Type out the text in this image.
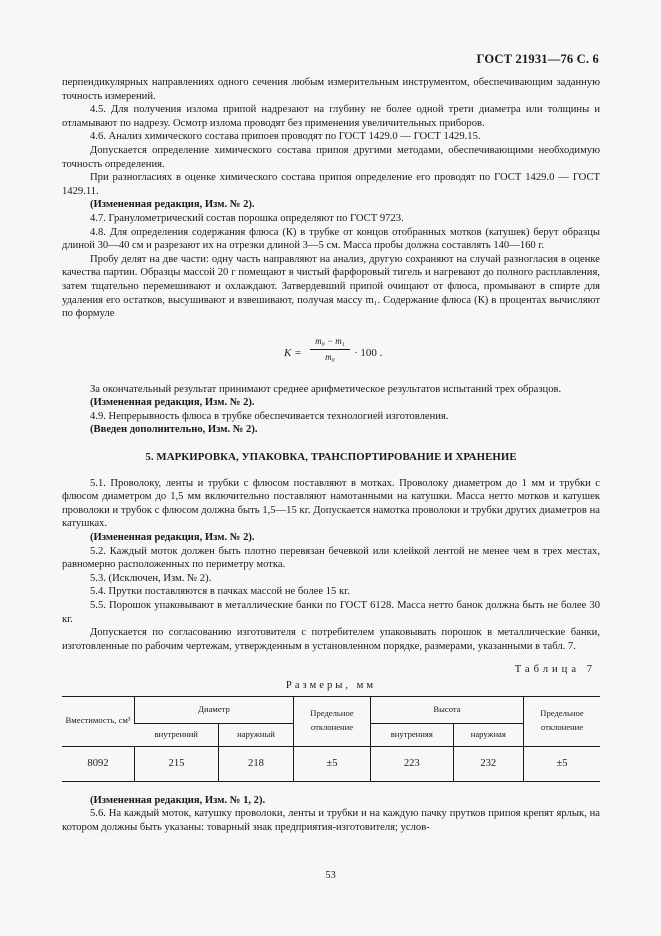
ГОСТ 21931—76 С. 6

перпендикулярных направлениях одного сечения любым измерительным инструментом, обеспечивающим заданную точность измерений.

4.5. Для получения излома припой надрезают на глубину не более одной трети диаметра или толщины и отламывают по надрезу. Осмотр излома проводят без применения увеличительных приборов.

4.6. Анализ химического состава припоев проводят по ГОСТ 1429.0 — ГОСТ 1429.15.

Допускается определение химического состава припоя другими методами, обеспечивающими необходимую точность определения.

При разногласиях в оценке химического состава припоя определение его проводят по ГОСТ 1429.0 — ГОСТ 1429.11.

(Измененная редакция, Изм. № 2).

4.7. Гранулометрический состав порошка определяют по ГОСТ 9723.

4.8. Для определения содержания флюса (К) в трубке от концов отобранных мотков (катушек) берут образцы длиной 30—40 см и разрезают их на отрезки длиной 3—5 см. Масса пробы должна составлять 140—160 г.

Пробу делят на две части: одну часть направляют на анализ, другую сохраняют на случай разногласия в оценке качества партии. Образцы массой 20 г помещают в чистый фарфоровый тигель и нагревают до полного расплавления, затем тщательно перемешивают и охлаждают. Затвердевший припой очищают от флюса, промывают в спирте для удаления его остатков, высушивают и взвешивают, получая массу m₁. Содержание флюса (К) в процентах вычисляют по формуле

$K = \frac{\text{m₀ − m₁}}{\text{m₀}} \cdot 100$ .

За окончательный результат принимают среднее арифметическое результатов испытаний трех образцов.

(Измененная редакция, Изм. № 2).

4.9. Непрерывность флюса в трубке обеспечивается технологией изготовления.

(Введен дополнительно, Изм. № 2).

5. МАРКИРОВКА, УПАКОВКА, ТРАНСПОРТИРОВАНИЕ И ХРАНЕНИЕ

5.1. Проволоку, ленты и трубки с флюсом поставляют в мотках. Проволоку диаметром до 1 мм и трубки с флюсом диаметром до 1,5 мм включительно поставляют намотанными на катушки. Масса нетто мотков и катушек проволоки и трубок с флюсом должна быть 1,5—15 кг. Допускается намотка проволоки и трубки других диаметров на катушках.

(Измененная редакция, Изм. № 2).

5.2. Каждый моток должен быть плотно перевязан бечевкой или клейкой лентой не менее чем в трех местах, равномерно расположенных по периметру мотка.

5.3. (Исключен, Изм. № 2).

5.4. Прутки поставляются в пачках массой не более 15 кг.

5.5. Порошок упаковывают в металлические банки по ГОСТ 6128. Масса нетто банок должна быть не более 30 кг.

Допускается по согласованию изготовителя с потребителем упаковывать порошок в металлические банки, изготовленные по рабочим чертежам, утвержденным в установленном порядке, размерами, указанными в табл. 7.

Таблица 7
Размеры, мм
Вместимость, см³	Диаметр		Предельное отклонение	Высота		Предельное отклонение
	внутренний	наружный		внутренняя	наружная	
8092	215	218	±5	223	232	±5

(Измененная редакция, Изм. № 1, 2).

5.6. На каждый моток, катушку проволоки, ленты и трубки и на каждую пачку прутков припоя крепят ярлык, на котором должны быть указаны: товарный знак предприятия-изготовителя; услов-

53
